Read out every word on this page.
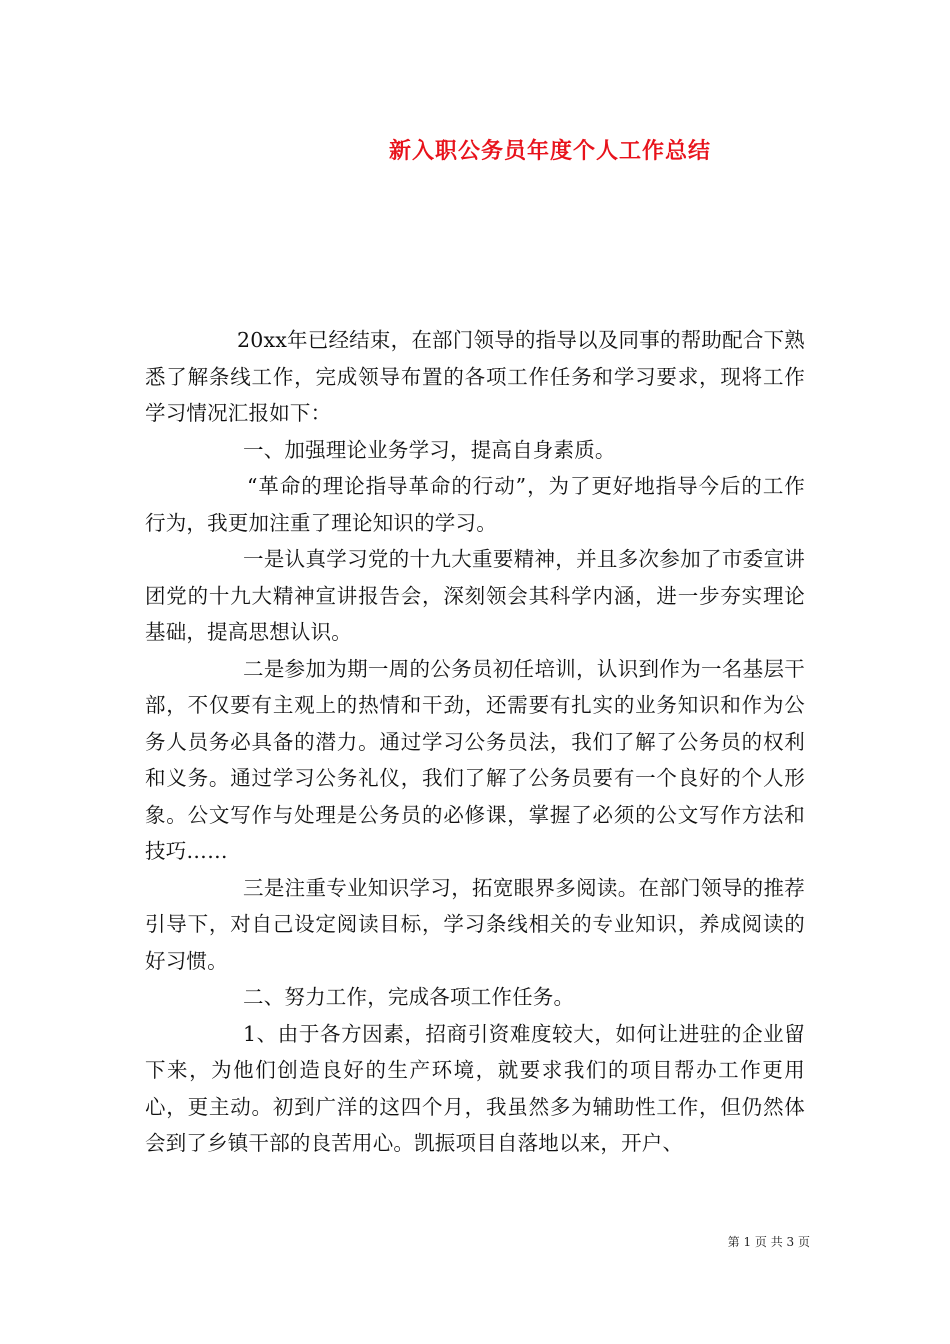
新入职公务员年度个人工作总结

20xx年已经结束，在部门领导的指导以及同事的帮助配合下熟悉了解条线工作，完成领导布置的各项工作任务和学习要求，现将工作学习情况汇报如下：

一、加强理论业务学习，提高自身素质。

“革命的理论指导革命的行动”，为了更好地指导今后的工作行为，我更加注重了理论知识的学习。

一是认真学习党的十九大重要精神，并且多次参加了市委宣讲团党的十九大精神宣讲报告会，深刻领会其科学内涵，进一步夯实理论基础，提高思想认识。

二是参加为期一周的公务员初任培训，认识到作为一名基层干部，不仅要有主观上的热情和干劲，还需要有扎实的业务知识和作为公务人员务必具备的潜力。通过学习公务员法，我们了解了公务员的权利和义务。通过学习公务礼仪，我们了解了公务员要有一个良好的个人形象。公文写作与处理是公务员的必修课，掌握了必须的公文写作方法和技巧……

三是注重专业知识学习，拓宽眼界多阅读。在部门领导的推荐引导下，对自己设定阅读目标，学习条线相关的专业知识，养成阅读的好习惯。

二、努力工作，完成各项工作任务。

1、由于各方因素，招商引资难度较大，如何让进驻的企业留下来，为他们创造良好的生产环境，就要求我们的项目帮办工作更用心，更主动。初到广洋的这四个月，我虽然多为辅助性工作，但仍然体会到了乡镇干部的良苦用心。凯振项目自落地以来，开户、

第 1 页 共 3 页
